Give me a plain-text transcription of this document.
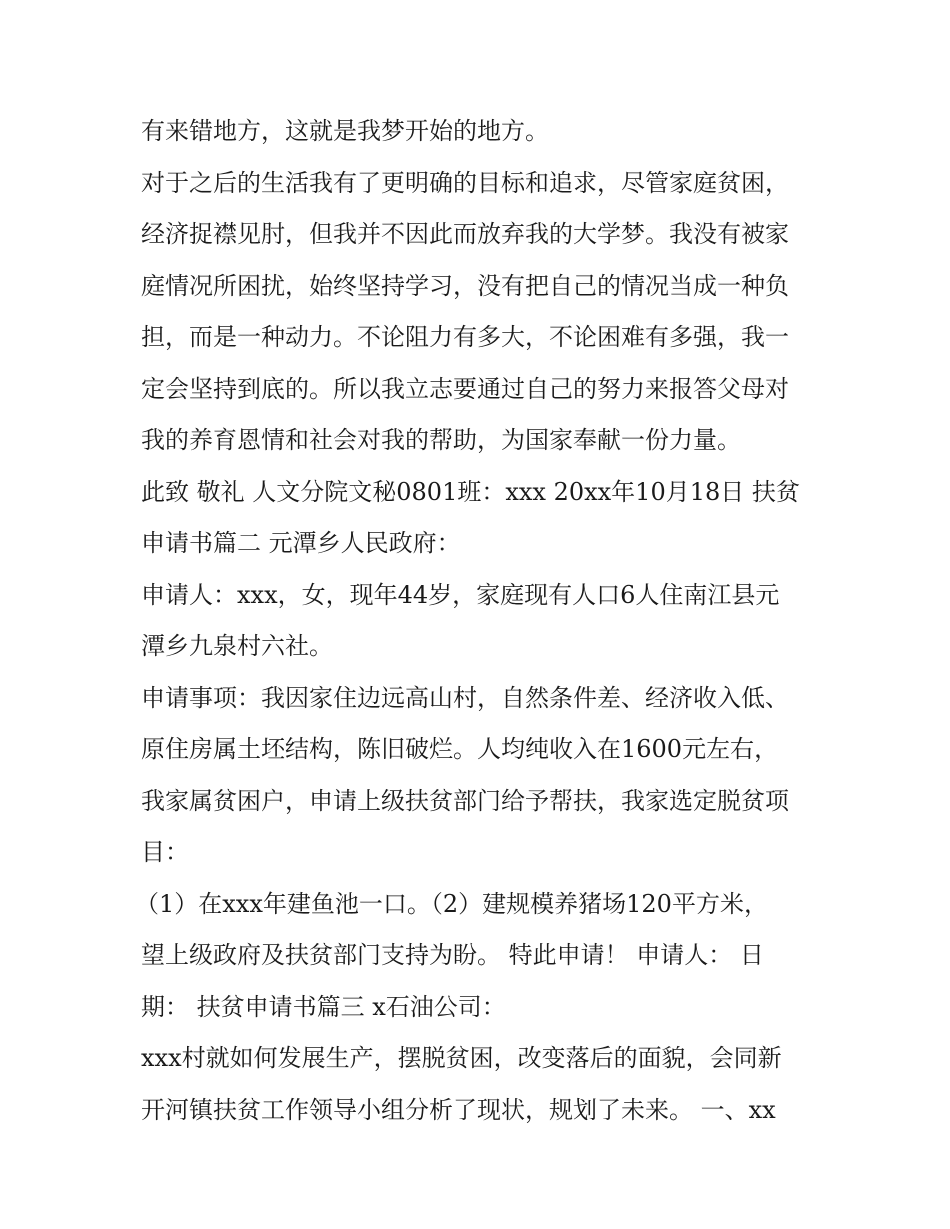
有来错地方，这就是我梦开始的地方。
对于之后的生活我有了更明确的目标和追求，尽管家庭贫困，
经济捉襟见肘，但我并不因此而放弃我的大学梦。我没有被家
庭情况所困扰，始终坚持学习，没有把自己的情况当成一种负
担，而是一种动力。不论阻力有多大，不论困难有多强，我一
定会坚持到底的。所以我立志要通过自己的努力来报答父母对
我的养育恩情和社会对我的帮助，为国家奉献一份力量。
此致 敬礼 人文分院文秘0801班：xxx 20xx年10月18日 扶贫
申请书篇二 元潭乡人民政府：
申请人：xxx，女，现年44岁，家庭现有人口6人住南江县元
潭乡九泉村六社。
申请事项：我因家住边远高山村，自然条件差、经济收入低、
原住房属土坯结构，陈旧破烂。人均纯收入在1600元左右，
我家属贫困户，申请上级扶贫部门给予帮扶，我家选定脱贫项
目：
（1）在xxx年建鱼池一口。（2）建规模养猪场120平方米，
望上级政府及扶贫部门支持为盼。 特此申请！ 申请人： 日
期： 扶贫申请书篇三 x石油公司：
xxx村就如何发展生产，摆脱贫困，改变落后的面貌，会同新
开河镇扶贫工作领导小组分析了现状，规划了未来。 一、xx
